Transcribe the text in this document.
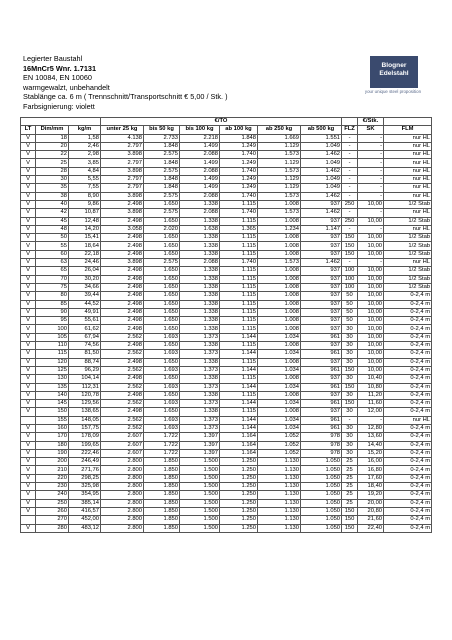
Legierter Baustahl
16MnCr5 Wnr. 1.7131
EN 10084, EN 10060
warmgewalzt, unbehandelt
Stablänge ca. 6 m ( Trennschnitt/Transportschnitt € 5,00 / Stk. )
Farbsignierung: violett
Blogner
Edelstahl
your unique steel proposition
			€/TO							€/Stk.	
LT	Dim/mm	kg/m	unter 25 kg	bis 50 kg	bis 100 kg	ab 100 kg	ab 250 kg	ab 500 kg	FLZ	SK	FLM
V	18	1,58	4.138	2.733	2.218	1.848	1.669	1.551	-	-	nur HL
V	20	2,46	2.797	1.848	1.499	1.249	1.129	1.049	-	-	nur HL
V	22	2,98	3.898	2.575	2.088	1.740	1.573	1.462	-	-	nur HL
V	25	3,85	2.797	1.848	1.499	1.249	1.129	1.049	-	-	nur HL
V	28	4,84	3.898	2.575	2.088	1.740	1.573	1.462	-	-	nur HL
V	30	5,55	2.797	1.848	1.499	1.249	1.129	1.049	-	-	nur HL
V	35	7,55	2.797	1.848	1.499	1.249	1.129	1.049	-	-	nur HL
V	38	8,90	3.898	2.575	2.088	1.740	1.573	1.462	-	-	nur HL
V	40	9,86	2.498	1.650	1.338	1.115	1.008	937	250	10,00	1/2 Stab
V	42	10,87	3.898	2.575	2.088	1.740	1.573	1.462	-	-	nur HL
V	45	12,48	2.498	1.650	1.338	1.115	1.008	937	250	10,00	1/2 Stab
V	48	14,20	3.058	2.020	1.638	1.365	1.234	1.147	-	-	nur HL
V	50	15,41	2.498	1.650	1.338	1.115	1.008	937	150	10,00	1/2 Stab
V	55	18,64	2.498	1.650	1.338	1.115	1.008	937	150	10,00	1/2 Stab
V	60	22,18	2.498	1.650	1.338	1.115	1.008	937	150	10,00	1/2 Stab
V	63	24,46	3.898	2.575	2.088	1.740	1.573	1.462	-	-	nur HL
V	65	26,04	2.498	1.650	1.338	1.115	1.008	937	100	10,00	1/2 Stab
V	70	30,20	2.498	1.650	1.338	1.115	1.008	937	100	10,00	1/2 Stab
V	75	34,66	2.498	1.650	1.338	1.115	1.008	937	100	10,00	1/2 Stab
V	80	39,44	2.498	1.650	1.338	1.115	1.008	937	50	10,00	0-2,4 m
V	85	44,52	2.498	1.650	1.338	1.115	1.008	937	50	10,00	0-2,4 m
V	90	49,91	2.498	1.650	1.338	1.115	1.008	937	50	10,00	0-2,4 m
V	95	55,61	2.498	1.650	1.338	1.115	1.008	937	50	10,00	0-2,4 m
V	100	61,62	2.498	1.650	1.338	1.115	1.008	937	30	10,00	0-2,4 m
V	105	67,94	2.562	1.693	1.373	1.144	1.034	961	30	10,00	0-2,4 m
V	110	74,56	2.498	1.650	1.338	1.115	1.008	937	30	10,00	0-2,4 m
V	115	81,50	2.562	1.693	1.373	1.144	1.034	961	30	10,00	0-2,4 m
V	120	88,74	2.498	1.650	1.338	1.115	1.008	937	30	10,00	0-2,4 m
V	125	96,29	2.562	1.693	1.373	1.144	1.034	961	150	10,00	0-2,4 m
V	130	104,14	2.498	1.650	1.338	1.115	1.008	937	30	10,40	0-2,4 m
V	135	112,31	2.562	1.693	1.373	1.144	1.034	961	150	10,80	0-2,4 m
V	140	120,78	2.498	1.650	1.338	1.115	1.008	937	30	11,20	0-2,4 m
V	145	129,56	2.562	1.693	1.373	1.144	1.034	961	150	11,60	0-2,4 m
V	150	138,65	2.498	1.650	1.338	1.115	1.008	937	30	12,00	0-2,4 m
	155	148,05	2.562	1.693	1.373	1.144	1.034	961	-	-	nur HL
V	160	157,75	2.562	1.693	1.373	1.144	1.034	961	30	12,80	0-2,4 m
V	170	178,09	2.607	1.722	1.397	1.164	1.052	978	30	13,60	0-2,4 m
V	180	199,65	2.607	1.722	1.397	1.164	1.052	978	30	14,40	0-2,4 m
V	190	222,46	2.607	1.722	1.397	1.164	1.052	978	30	15,20	0-2,4 m
V	200	246,49	2.800	1.850	1.500	1.250	1.130	1.050	25	16,00	0-2,4 m
V	210	271,76	2.800	1.850	1.500	1.250	1.130	1.050	25	16,80	0-2,4 m
V	220	298,25	2.800	1.850	1.500	1.250	1.130	1.050	25	17,60	0-2,4 m
V	230	325,98	2.800	1.850	1.500	1.250	1.130	1.050	25	18,40	0-2,4 m
V	240	354,95	2.800	1.850	1.500	1.250	1.130	1.050	25	19,20	0-2,4 m
V	250	385,14	2.800	1.850	1.500	1.250	1.130	1.050	25	20,00	0-2,4 m
V	260	416,57	2.800	1.850	1.500	1.250	1.130	1.050	150	20,80	0-2,4 m
	270	452,00	2.800	1.850	1.500	1.250	1.130	1.050	150	21,60	0-2,4 m
V	280	483,12	2.800	1.850	1.500	1.250	1.130	1.050	150	22,40	0-2,4 m
